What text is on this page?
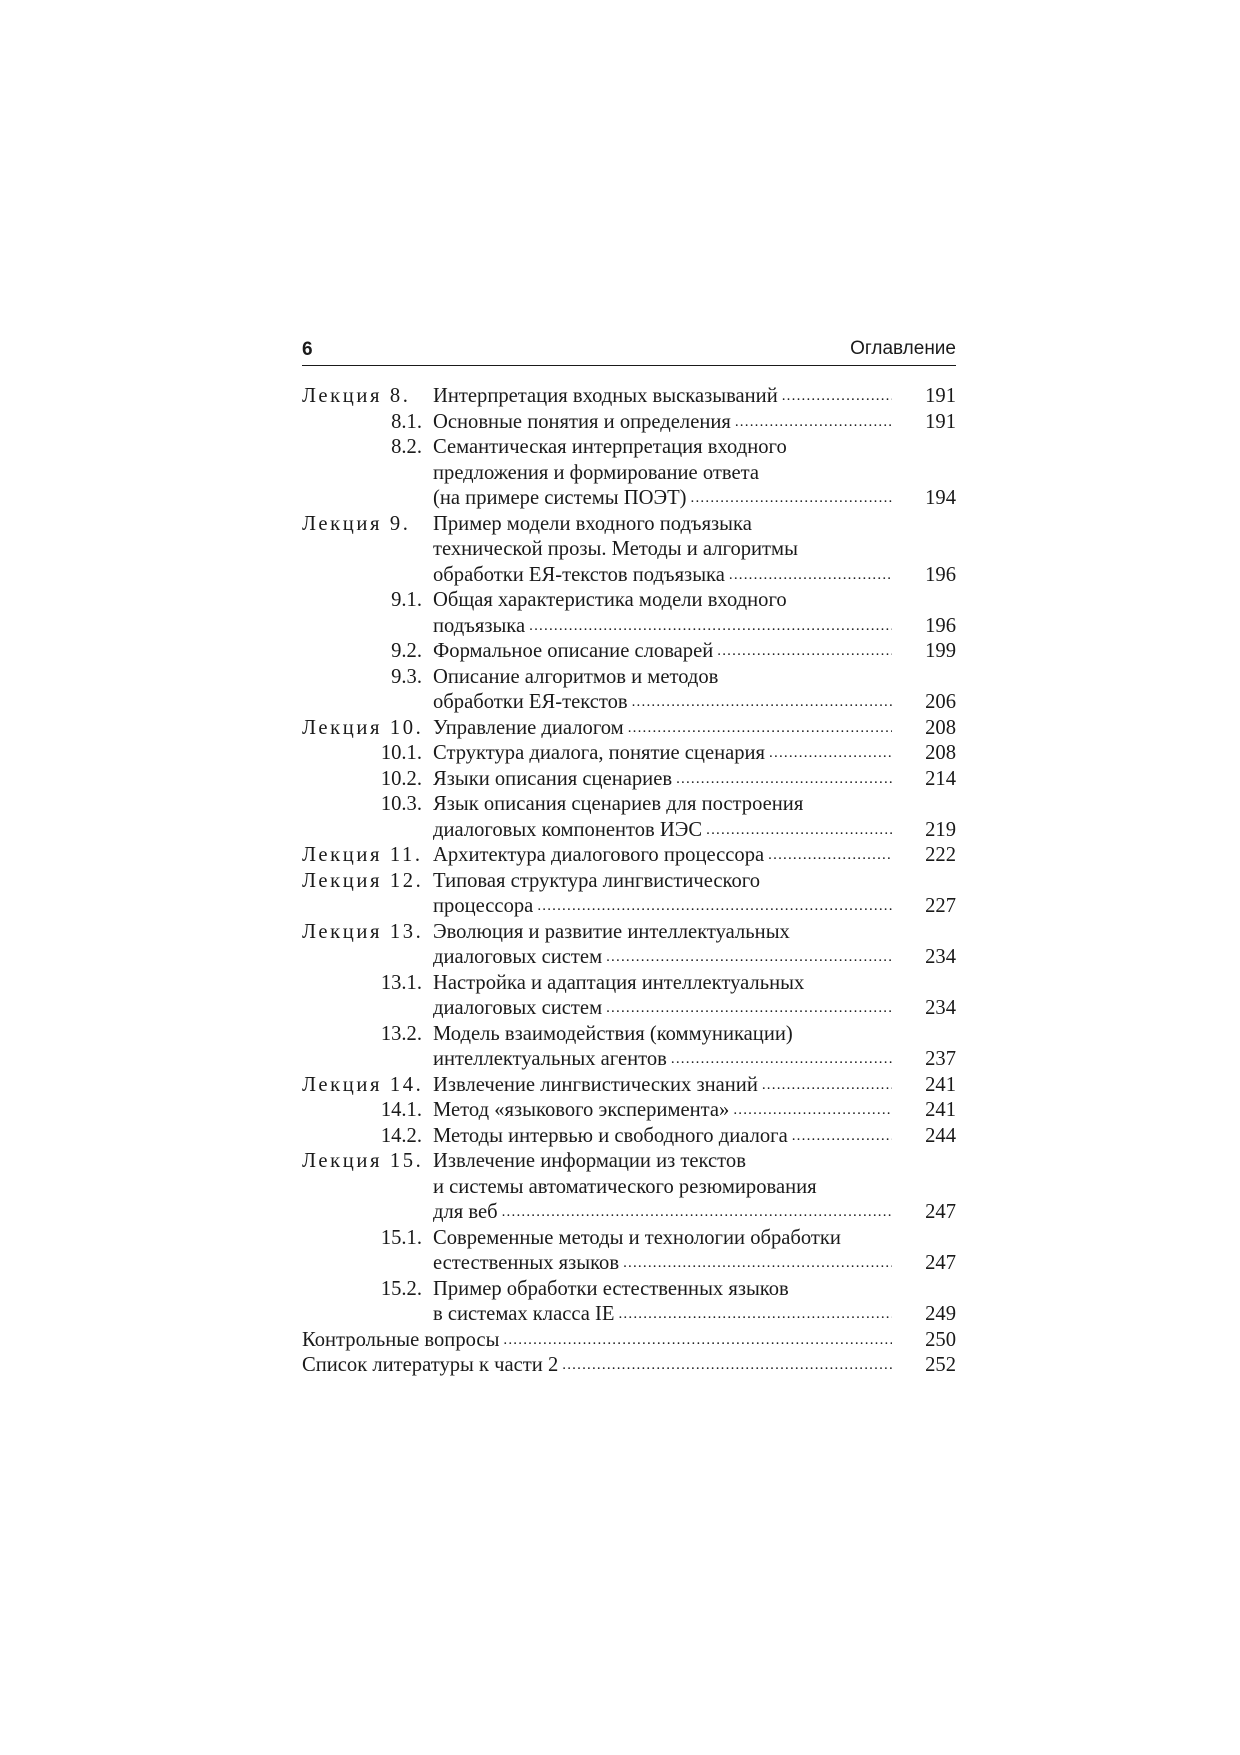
6	Оглавление
Лекция 8.	Интерпретация входных высказываний .....	191
8.1. Основные понятия и определения .....	191
8.2. Семантическая интерпретация входного
предложения и формирование ответа
(на примере системы ПОЭТ) .....	194
Лекция 9.	Пример модели входного подъязыка
технической прозы. Методы и алгоритмы
обработки ЕЯ-текстов подъязыка .....	196
9.1. Общая характеристика модели входного
подъязыка .....	196
9.2. Формальное описание словарей .....	199
9.3. Описание алгоритмов и методов
обработки ЕЯ-текстов .....	206
Лекция 10. Управление диалогом .....	208
10.1. Структура диалога, понятие сценария .....	208
10.2. Языки описания сценариев .....	214
10.3. Язык описания сценариев для построения
диалоговых компонентов ИЭС .....	219
Лекция 11. Архитектура диалогового процессора .....	222
Лекция 12. Типовая структура лингвистического
процессора .....	227
Лекция 13. Эволюция и развитие интеллектуальных
диалоговых систем .....	234
13.1. Настройка и адаптация интеллектуальных
диалоговых систем .....	234
13.2. Модель взаимодействия (коммуникации)
интеллектуальных агентов .....	237
Лекция 14. Извлечение лингвистических знаний .....	241
14.1. Метод «языкового эксперимента» .....	241
14.2. Методы интервью и свободного диалога .....	244
Лекция 15. Извлечение информации из текстов
и системы автоматического резюмирования
для веб .....	247
15.1. Современные методы и технологии обработки
естественных языков .....	247
15.2. Пример обработки естественных языков
в системах класса IE .....	249
Контрольные вопросы .....	250
Список литературы к части 2 .....	252
